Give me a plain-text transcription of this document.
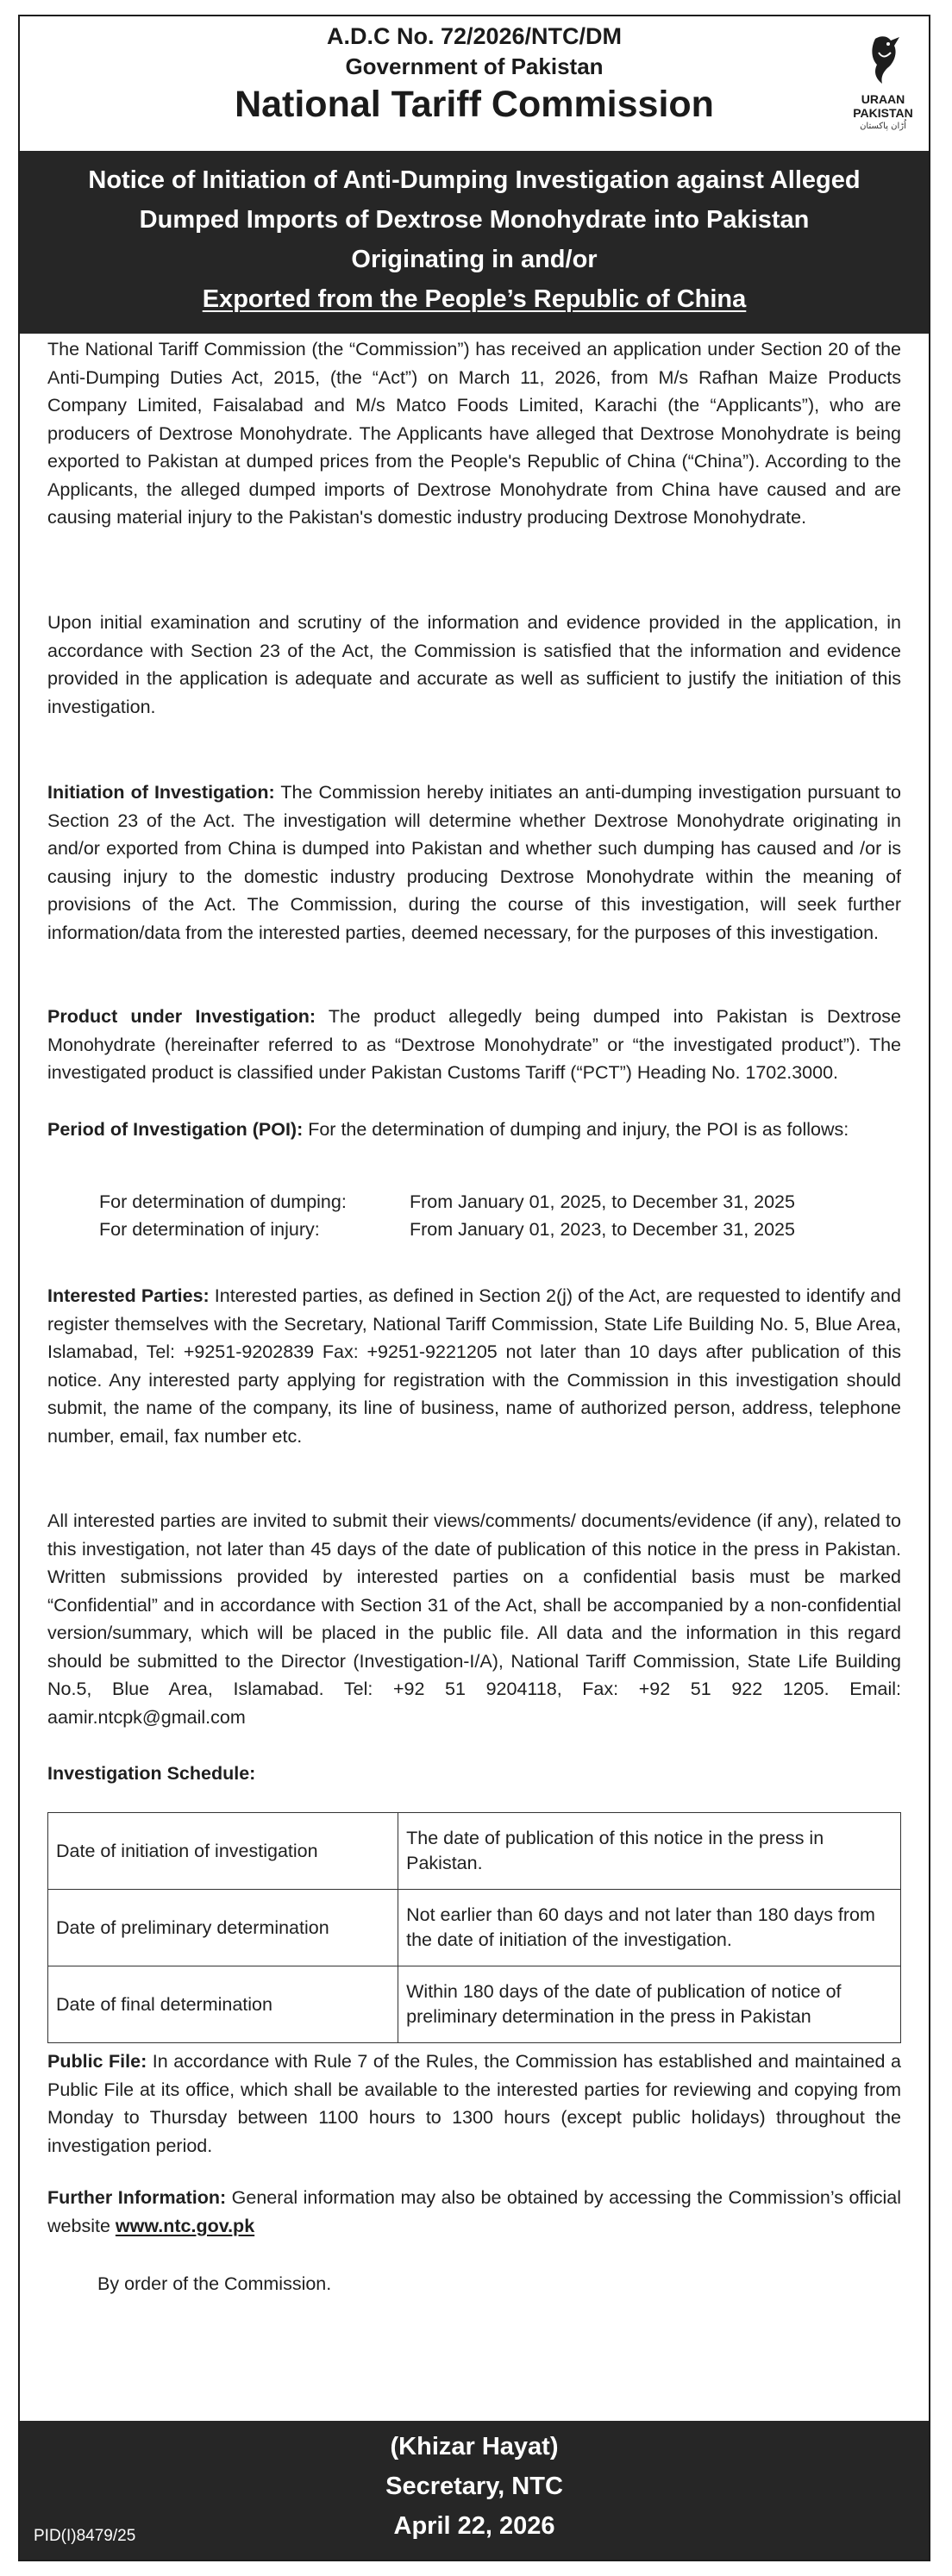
A.D.C No. 72/2026/NTC/DM
Government of Pakistan
National Tariff Commission	URAAN
PAKISTAN
اُڑان پاکستان
Notice of Initiation of Anti-Dumping Investigation against Alleged
Dumped Imports of Dextrose Monohydrate into Pakistan
Originating in and/or
Exported from the People’s Republic of China

The National Tariff Commission (the “Commission”) has received an application under Section 20 of the Anti-Dumping Duties Act, 2015, (the “Act”) on March 11, 2026, from M/s Rafhan Maize Products Company Limited, Faisalabad and M/s Matco Foods Limited, Karachi (the “Applicants”), who are producers of Dextrose Monohydrate. The Applicants have alleged that Dextrose Monohydrate is being exported to Pakistan at dumped prices from the People's Republic of China (“China”). According to the Applicants, the alleged dumped imports of Dextrose Monohydrate from China have caused and are causing material injury to the Pakistan's domestic industry producing Dextrose Monohydrate.

Upon initial examination and scrutiny of the information and evidence provided in the application, in accordance with Section 23 of the Act, the Commission is satisfied that the information and evidence provided in the application is adequate and accurate as well as sufficient to justify the initiation of this investigation.

Initiation of Investigation: The Commission hereby initiates an anti-dumping investigation pursuant to Section 23 of the Act. The investigation will determine whether Dextrose Monohydrate originating in and/or exported from China is dumped into Pakistan and whether such dumping has caused and /or is causing injury to the domestic industry producing Dextrose Monohydrate within the meaning of provisions of the Act. The Commission, during the course of this investigation, will seek further information/data from the interested parties, deemed necessary, for the purposes of this investigation.

Product under Investigation: The product allegedly being dumped into Pakistan is Dextrose Monohydrate (hereinafter referred to as “Dextrose Monohydrate” or “the investigated product”). The investigated product is classified under Pakistan Customs Tariff (“PCT”) Heading No. 1702.3000.

Period of Investigation (POI): For the determination of dumping and injury, the POI is as follows:

For determination of dumping:	From January 01, 2025, to December 31, 2025
For determination of injury:	From January 01, 2023, to December 31, 2025

Interested Parties: Interested parties, as defined in Section 2(j) of the Act, are requested to identify and register themselves with the Secretary, National Tariff Commission, State Life Building No. 5, Blue Area, Islamabad, Tel: +9251-9202839 Fax: +9251-9221205 not later than 10 days after publication of this notice. Any interested party applying for registration with the Commission in this investigation should submit, the name of the company, its line of business, name of authorized person, address, telephone number, email, fax number etc.

All interested parties are invited to submit their views/comments/ documents/evidence (if any), related to this investigation, not later than 45 days of the date of publication of this notice in the press in Pakistan. Written submissions provided by interested parties on a confidential basis must be marked “Confidential” and in accordance with Section 31 of the Act, shall be accompanied by a non-confidential version/summary, which will be placed in the public file. All data and the information in this regard should be submitted to the Director (Investigation-I/A), National Tariff Commission, State Life Building No.5, Blue Area, Islamabad. Tel: +92 51 9204118, Fax: +92 51 922 1205. Email: aamir.ntcpk@gmail.com

Investigation Schedule:
Date of initiation of investigation	The date of publication of this notice in the press in Pakistan.
Date of preliminary determination	Not earlier than 60 days and not later than 180 days from the date of initiation of the investigation.
Date of final determination	Within 180 days of the date of publication of notice of preliminary determination in the press in Pakistan

Public File: In accordance with Rule 7 of the Rules, the Commission has established and maintained a Public File at its office, which shall be available to the interested parties for reviewing and copying from Monday to Thursday between 1100 hours to 1300 hours (except public holidays) throughout the investigation period.

Further Information: General information may also be obtained by accessing the Commission’s official website www.ntc.gov.pk

By order of the Commission.
(Khizar Hayat)
Secretary, NTC
April 22, 2026
PID(I)8479/25
